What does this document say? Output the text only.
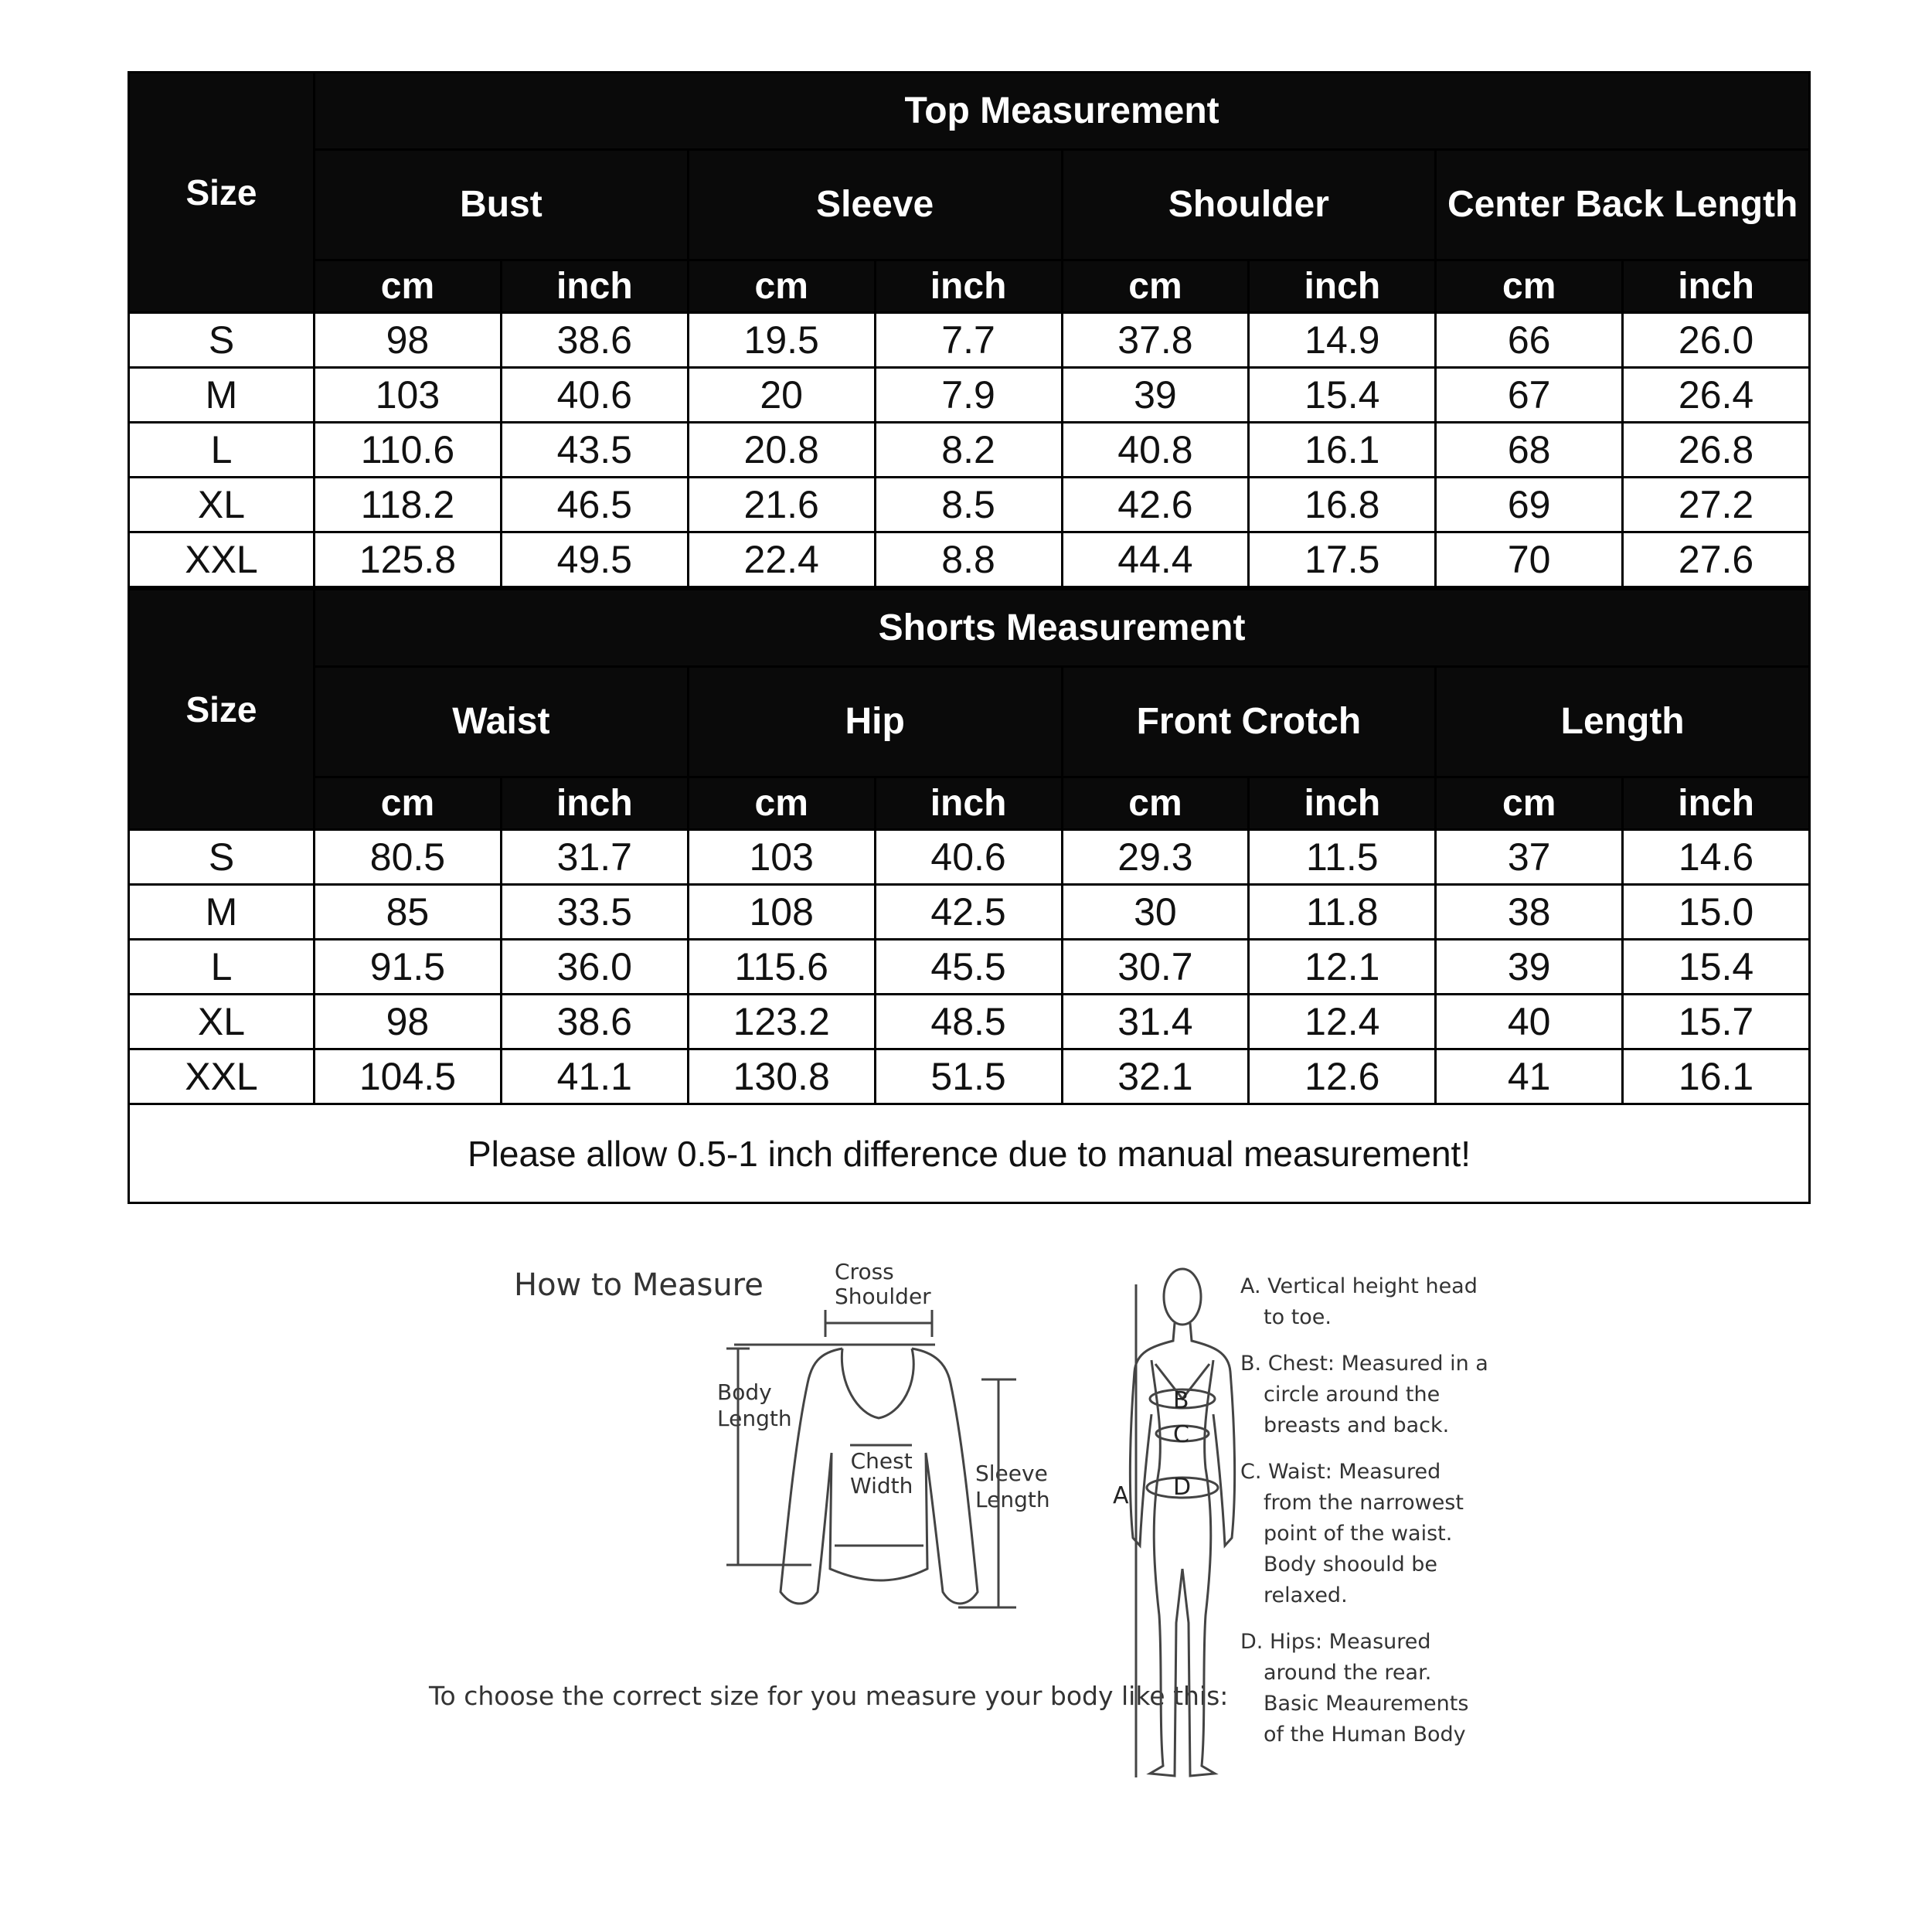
Size	Top Measurement							
	Bust		Sleeve		Shoulder		Center Back Length	
	cm	inch	cm	inch	cm	inch	cm	inch
S	98	38.6	19.5	7.7	37.8	14.9	66	26.0
M	103	40.6	20	7.9	39	15.4	67	26.4
L	110.6	43.5	20.8	8.2	40.8	16.1	68	26.8
XL	118.2	46.5	21.6	8.5	42.6	16.8	69	27.2
XXL	125.8	49.5	22.4	8.8	44.4	17.5	70	27.6
Size	Shorts Measurement							
	Waist		Hip		Front Crotch		Length	
	cm	inch	cm	inch	cm	inch	cm	inch
S	80.5	31.7	103	40.6	29.3	11.5	37	14.6
M	85	33.5	108	42.5	30	11.8	38	15.0
L	91.5	36.0	115.6	45.5	30.7	12.1	39	15.4
XL	98	38.6	123.2	48.5	31.4	12.4	40	15.7
XXL	104.5	41.1	130.8	51.5	32.1	12.6	41	16.1
Please allow 0.5-1 inch difference due to manual measurement!								
How to Measure	Cross
Shoulder
Body
Length
Chest
Width	Sleeve
Length
To choose the correct size for you measure your body like this:
B
C
D
A
A. Vertical height head
to toe.
B. Chest: Measured in a
circle around the
breasts and back.
C. Waist: Measured
from the narrowest
point of the waist.
Body shoould be
relaxed.
D. Hips: Measured
around the rear.
Basic Meaurements
of the Human Body
